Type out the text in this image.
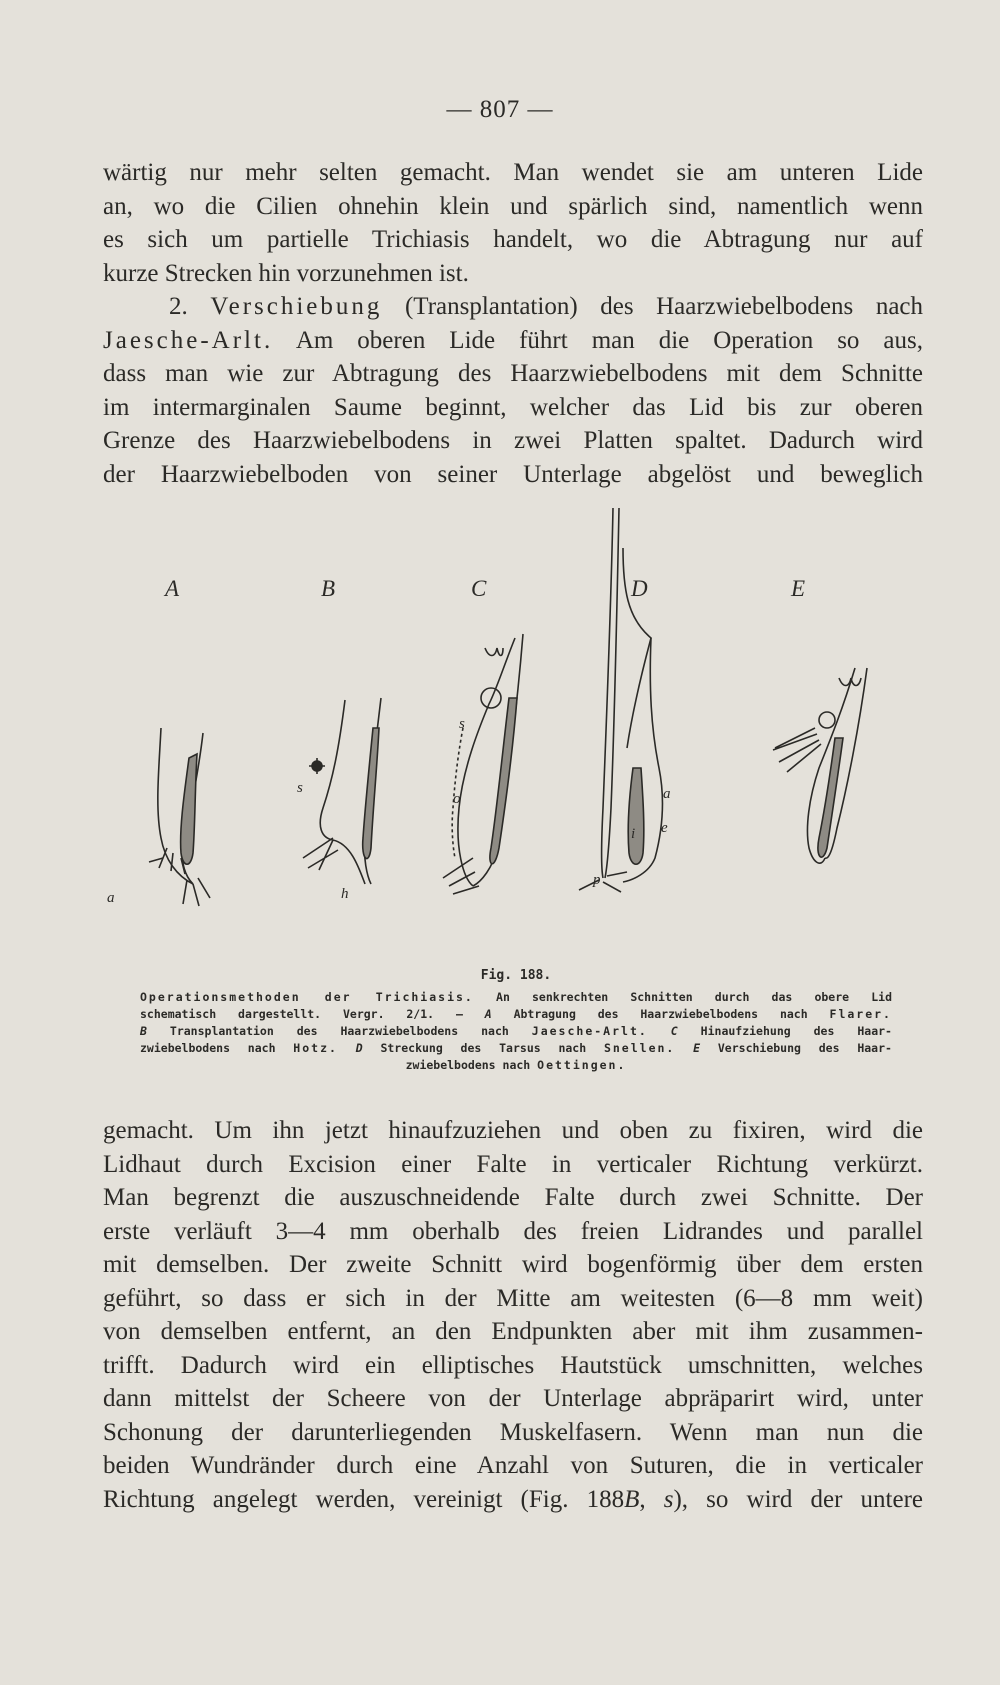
— 807 —
wärtig nur mehr selten gemacht. Man wendet sie am unteren Lide
an, wo die Cilien ohnehin klein und spärlich sind, namentlich wenn
es sich um partielle Trichiasis handelt, wo die Abtragung nur auf
kurze Strecken hin vorzunehmen ist.
2. Verschiebung (Transplantation) des Haarzwiebelbodens nach
Jaesche-Arlt. Am oberen Lide führt man die Operation so aus,
dass man wie zur Abtragung des Haarzwiebelbodens mit dem Schnitte
im intermarginalen Saume beginnt, welcher das Lid bis zur oberen
Grenze des Haarzwiebelbodens in zwei Platten spaltet. Dadurch wird
der Haarzwiebelboden von seiner Unterlage abgelöst und beweglich
A	B	C	D	E
a
s
h
s
o	a
e
i
p
Fig. 188.
Operationsmethoden der Trichiasis. An senkrechten Schnitten durch das obere Lid
schematisch dargestellt. Vergr. 2/1. — A Abtragung des Haarzwiebelbodens nach Flarer.
B Transplantation des Haarzwiebelbodens nach Jaesche-Arlt. C Hinaufziehung des Haar-
zwiebelbodens nach Hotz. D Streckung des Tarsus nach Snellen. E Verschiebung des Haar-
zwiebelbodens nach Oettingen.
gemacht. Um ihn jetzt hinaufzuziehen und oben zu fixiren, wird die
Lidhaut durch Excision einer Falte in verticaler Richtung verkürzt.
Man begrenzt die auszuschneidende Falte durch zwei Schnitte. Der
erste verläuft 3—4 mm oberhalb des freien Lidrandes und parallel
mit demselben. Der zweite Schnitt wird bogenförmig über dem ersten
geführt, so dass er sich in der Mitte am weitesten (6—8 mm weit)
von demselben entfernt, an den Endpunkten aber mit ihm zusammen-
trifft. Dadurch wird ein elliptisches Hautstück umschnitten, welches
dann mittelst der Scheere von der Unterlage abpräparirt wird, unter
Schonung der darunterliegenden Muskelfasern. Wenn man nun die
beiden Wundränder durch eine Anzahl von Suturen, die in verticaler
Richtung angelegt werden, vereinigt (Fig. 188B, s), so wird der untere
